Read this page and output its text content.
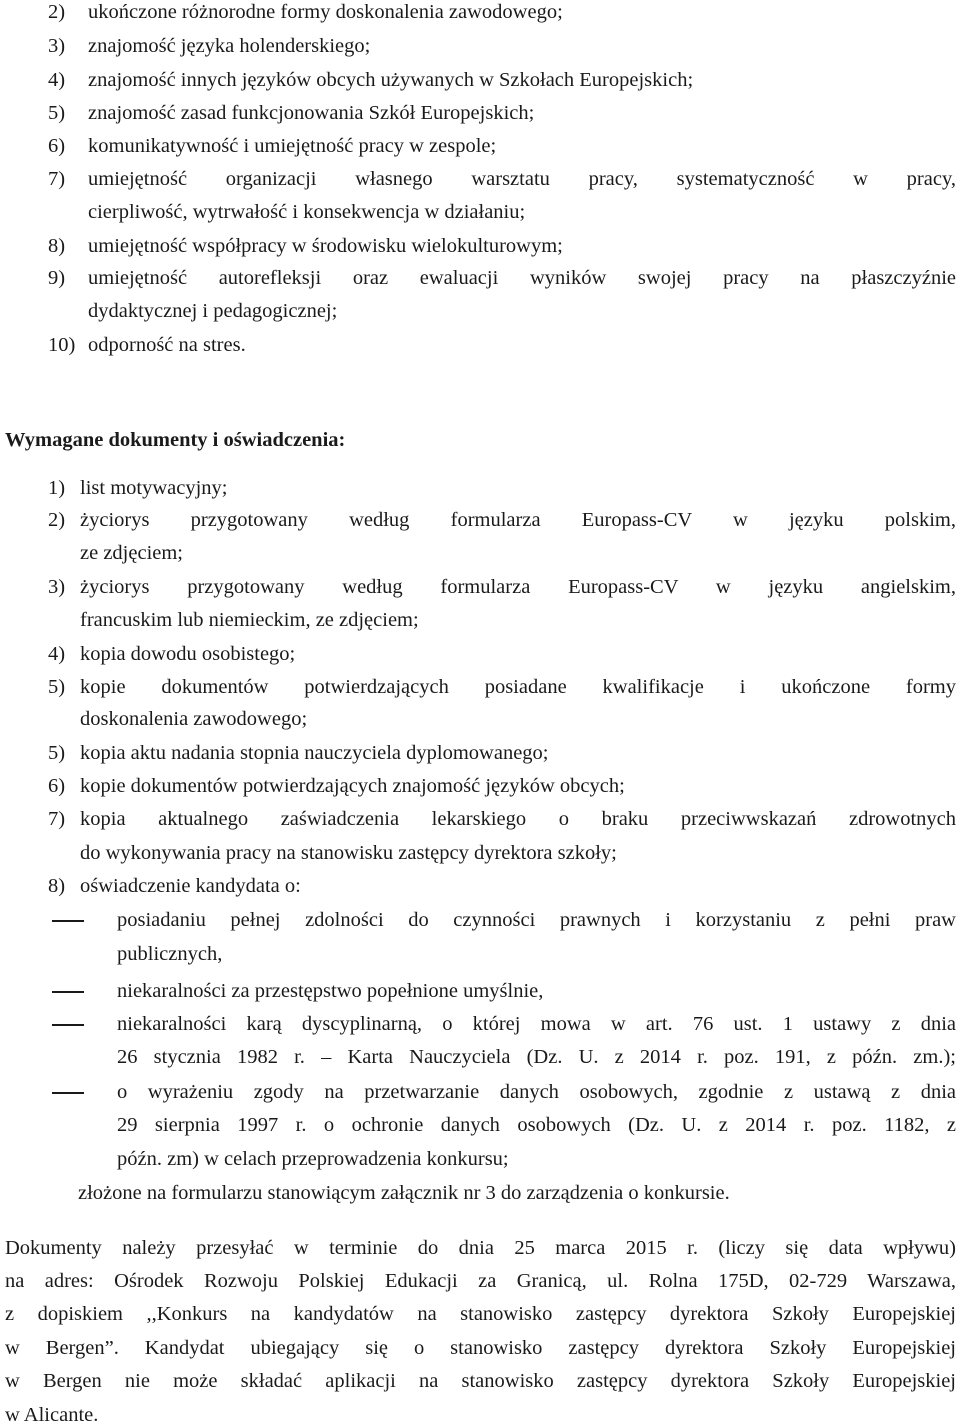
2) ukończone różnorodne formy doskonalenia zawodowego;
3) znajomość języka holenderskiego;
4) znajomość innych języków obcych używanych w Szkołach Europejskich;
5) znajomość zasad funkcjonowania Szkół Europejskich;
6) komunikatywność i umiejętność pracy w zespole;
7) umiejętność organizacji własnego warsztatu pracy, systematyczność w pracy,
cierpliwość, wytrwałość i konsekwencja w działaniu;
8) umiejętność współpracy w środowisku wielokulturowym;
9) umiejętność autorefleksji oraz ewaluacji wyników swojej pracy na płaszczyźnie
dydaktycznej i pedagogicznej;
10) odporność na stres.
Wymagane dokumenty i oświadczenia:
1) list motywacyjny;
2) życiorys przygotowany według formularza Europass-CV w języku polskim,
ze zdjęciem;
3) życiorys przygotowany według formularza Europass-CV w języku angielskim,
francuskim lub niemieckim, ze zdjęciem;
4) kopia dowodu osobistego;
5) kopie dokumentów potwierdzających posiadane kwalifikacje i ukończone formy
doskonalenia zawodowego;
5) kopia aktu nadania stopnia nauczyciela dyplomowanego;
6) kopie dokumentów potwierdzających znajomość języków obcych;
7) kopia aktualnego zaświadczenia lekarskiego o braku przeciwwskazań zdrowotnych
do wykonywania pracy na stanowisku zastępcy dyrektora szkoły;
8) oświadczenie kandydata o:
posiadaniu pełnej zdolności do czynności prawnych i korzystaniu z pełni praw
publicznych,
niekaralności za przestępstwo popełnione umyślnie,
niekaralności karą dyscyplinarną, o której mowa w art. 76 ust. 1 ustawy z dnia
26 stycznia 1982 r. – Karta Nauczyciela (Dz. U. z 2014 r. poz. 191, z późn. zm.);
o wyrażeniu zgody na przetwarzanie danych osobowych, zgodnie z ustawą z dnia
29 sierpnia 1997 r. o ochronie danych osobowych (Dz. U. z 2014 r. poz. 1182, z
późn. zm) w celach przeprowadzenia konkursu;
złożone na formularzu stanowiącym załącznik nr 3 do zarządzenia o konkursie.
Dokumenty należy przesyłać w terminie do dnia 25 marca 2015 r. (liczy się data wpływu)
na adres: Ośrodek Rozwoju Polskiej Edukacji za Granicą, ul. Rolna 175D, 02-729 Warszawa,
z dopiskiem ,,Konkurs na kandydatów na stanowisko zastępcy dyrektora Szkoły Europejskiej
w Bergen”. Kandydat ubiegający się o stanowisko zastępcy dyrektora Szkoły Europejskiej
w Bergen nie może składać aplikacji na stanowisko zastępcy dyrektora Szkoły Europejskiej
w Alicante.
